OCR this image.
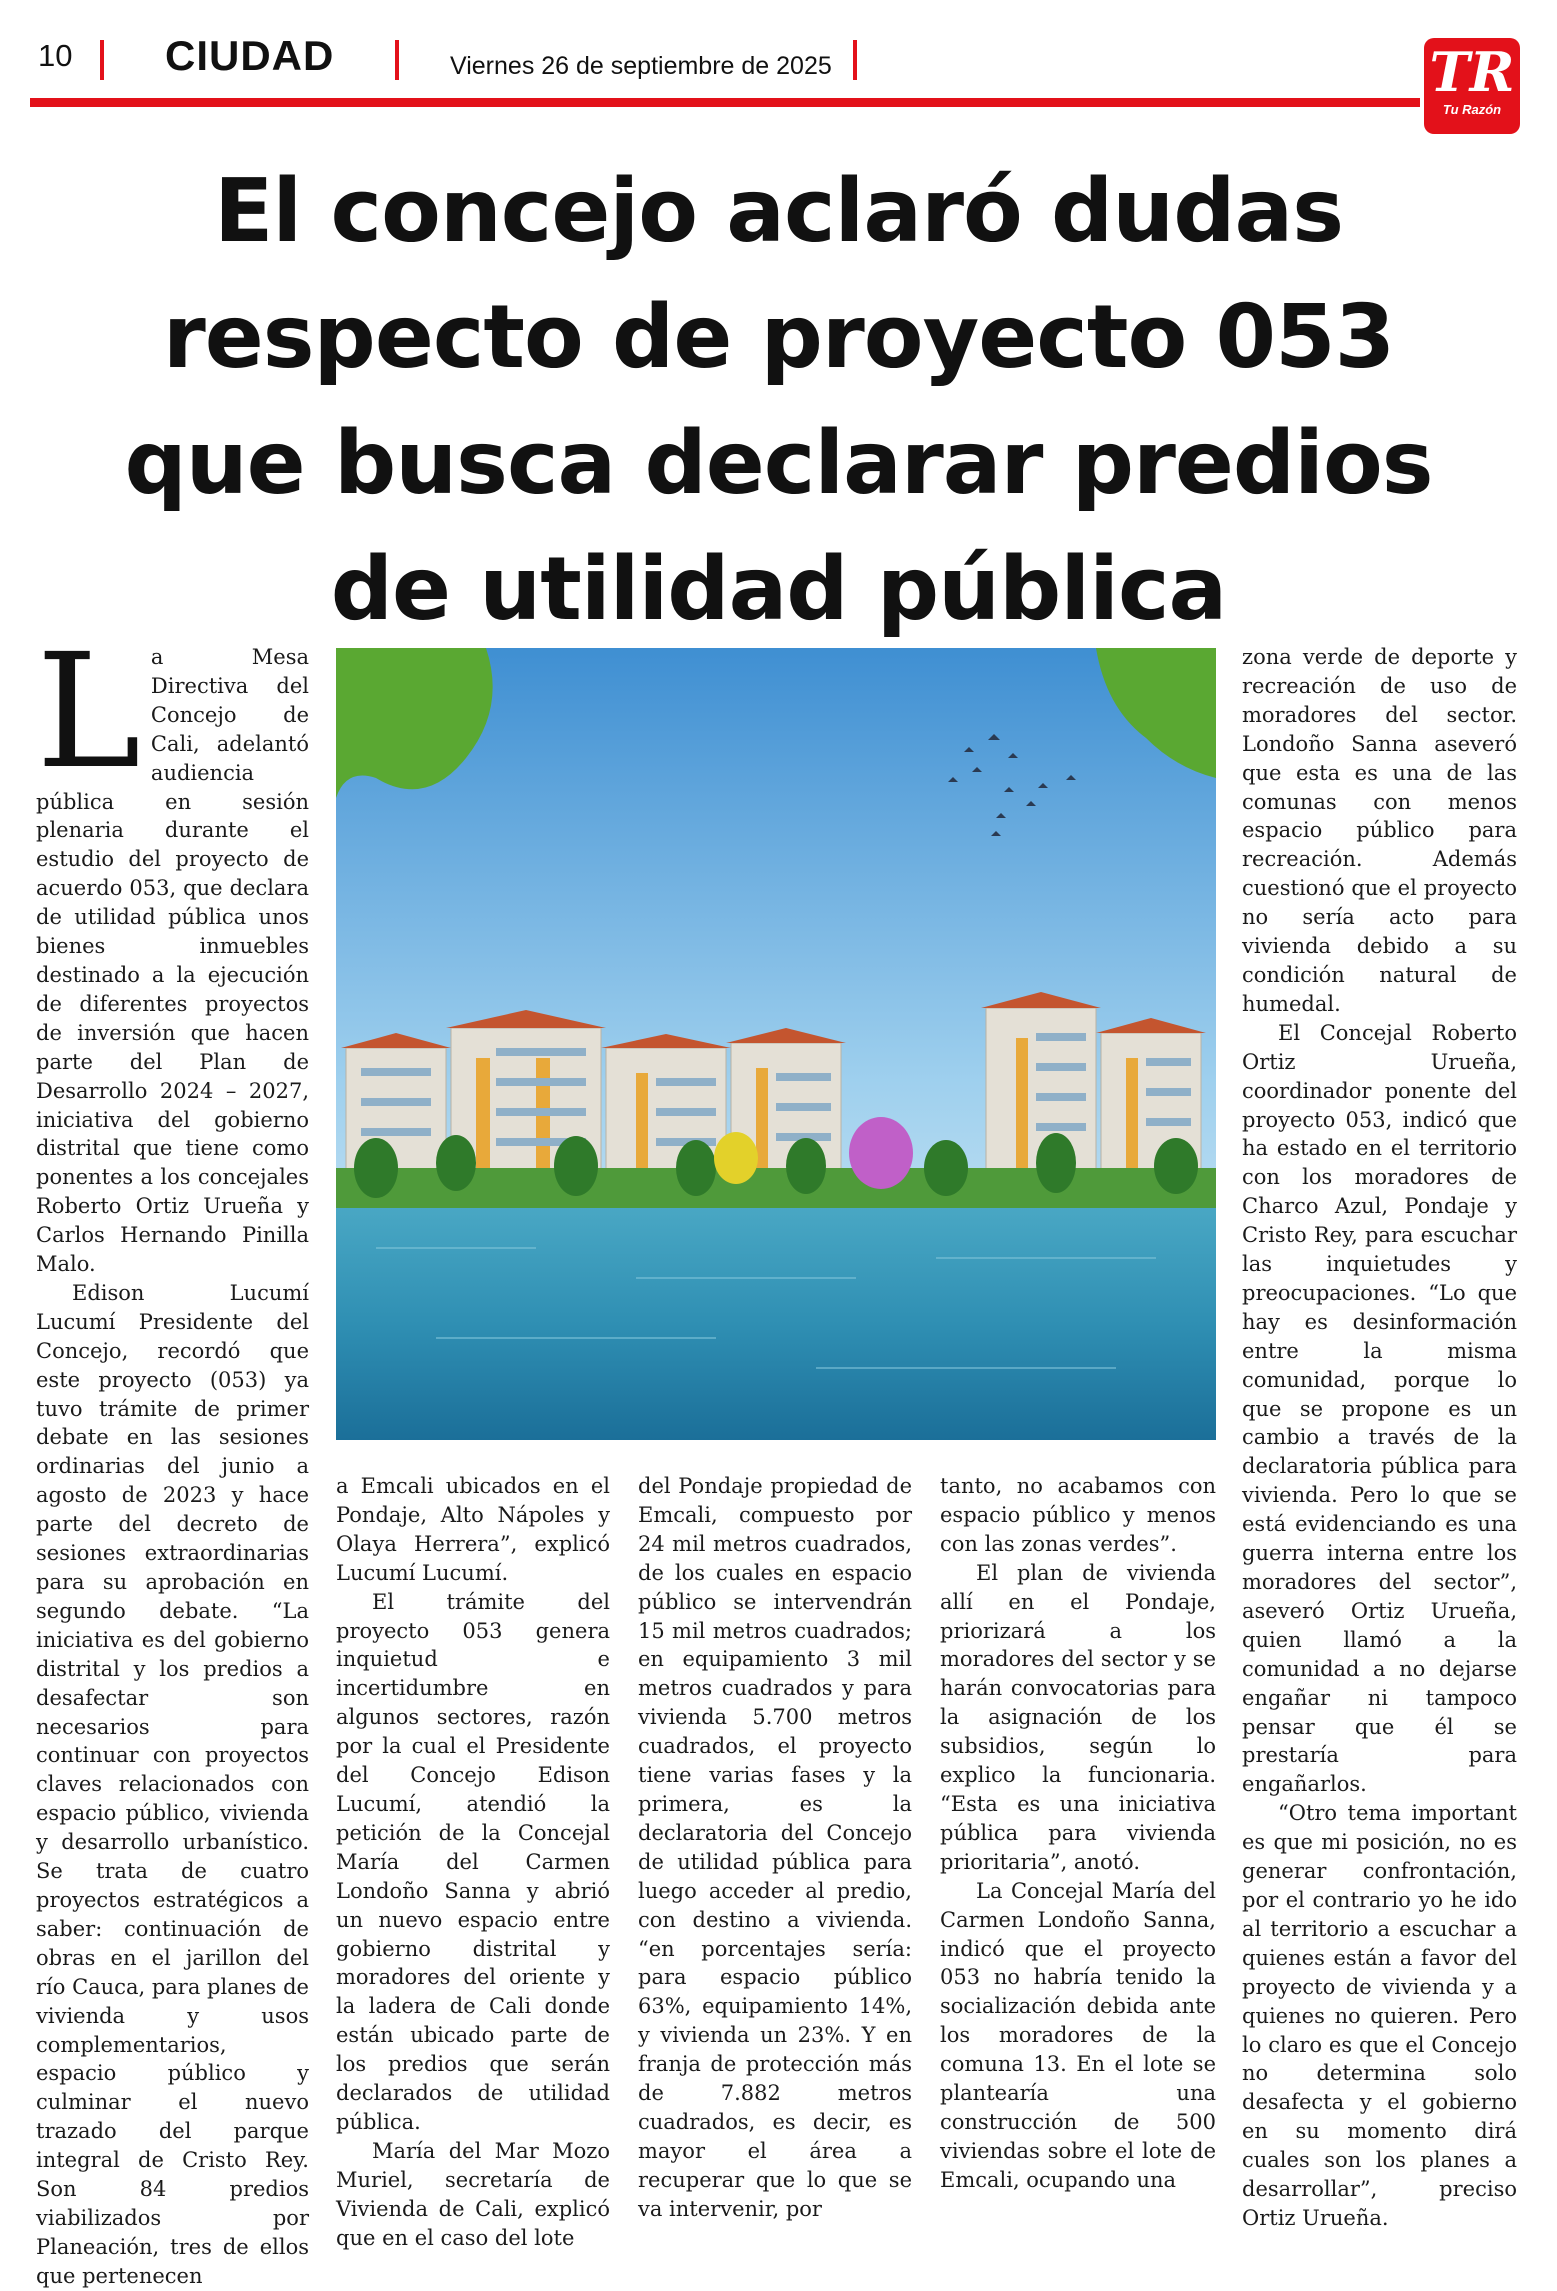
10 CIUDAD	Viernes 26 de septiembre de 2025	TR
Tu Razón
El concejo aclaró dudas respecto de proyecto 053 que busca declarar predios de utilidad pública

La Mesa Directiva del Concejo de Cali, adelantó audiencia pública en sesión plenaria durante el estudio del proyecto de acuerdo 053, que declara de utilidad pública unos bienes inmuebles destinado a la ejecución de diferentes proyectos de inversión que hacen parte del Plan de Desarrollo 2024 – 2027, iniciativa del gobierno distrital que tiene como ponentes a los concejales Roberto Ortiz Urueña y Carlos Hernando Pinilla Malo.

Edison Lucumí Lucumí Presidente del Concejo, recordó que este proyecto (053) ya tuvo trámite de primer debate en las sesiones ordinarias del junio a agosto de 2023 y hace parte del decreto de sesiones extraordinarias para su aprobación en segundo debate. “La iniciativa es del gobierno distrital y los predios a desafectar son necesarios para continuar con proyectos claves relacionados con espacio público, vivienda y desarrollo urbanístico. Se trata de cuatro proyectos estratégicos a saber: continuación de obras en el jarillon del río Cauca, para planes de vivienda y usos complementarios, espacio público y culminar el nuevo trazado del parque integral de Cristo Rey. Son 84 predios viabilizados por Planeación, tres de ellos que pertenecen

a Emcali ubicados en el Pondaje, Alto Nápoles y Olaya Herrera”, explicó Lucumí Lucumí.

El trámite del proyecto 053 genera inquietud e incertidumbre en algunos sectores, razón por la cual el Presidente del Concejo Edison Lucumí, atendió la petición de la Concejal María del Carmen Londoño Sanna y abrió un nuevo espacio entre gobierno distrital y moradores del oriente y la ladera de Cali donde están ubicado parte de los predios que serán declarados de utilidad pública.

María del Mar Mozo Muriel, secretaría de Vivienda de Cali, explicó que en el caso del lote

del Pondaje propiedad de Emcali, compuesto por 24 mil metros cuadrados, de los cuales en espacio público se intervendrán 15 mil metros cuadrados; en equipamiento 3 mil metros cuadrados y para vivienda 5.700 metros cuadrados, el proyecto tiene varias fases y la primera, es la declaratoria del Concejo de utilidad pública para luego acceder al predio, con destino a vivienda. “en porcentajes sería: para espacio público 63%, equipamiento 14%, y vivienda un 23%. Y en franja de protección más de 7.882 metros cuadrados, es decir, es mayor el área a recuperar que lo que se va intervenir, por

tanto, no acabamos con espacio público y menos con las zonas verdes”.

El plan de vivienda allí en el Pondaje, priorizará a los moradores del sector y se harán convocatorias para la asignación de los subsidios, según lo explico la funcionaria. “Esta es una iniciativa pública para vivienda prioritaria”, anotó.

La Concejal María del Carmen Londoño Sanna, indicó que el proyecto 053 no habría tenido la socialización debida ante los moradores de la comuna 13. En el lote se plantearía una construcción de 500 viviendas sobre el lote de Emcali, ocupando una

zona verde de deporte y recreación de uso de moradores del sector. Londoño Sanna aseveró que esta es una de las comunas con menos espacio público para recreación. Además cuestionó que el proyecto no sería acto para vivienda debido a su condición natural de humedal.

El Concejal Roberto Ortiz Urueña, coordinador ponente del proyecto 053, indicó que ha estado en el territorio con los moradores de Charco Azul, Pondaje y Cristo Rey, para escuchar las inquietudes y preocupaciones. “Lo que hay es desinformación entre la misma comunidad, porque lo que se propone es un cambio a través de la declaratoria pública para vivienda. Pero lo que se está evidenciando es una guerra interna entre los moradores del sector”, aseveró Ortiz Urueña, quien llamó a la comunidad a no dejarse engañar ni tampoco pensar que él se prestaría para engañarlos.

“Otro tema important es que mi posición, no es generar confrontación, por el contrario yo he ido al territorio a escuchar a quienes están a favor del proyecto de vivienda y a quienes no quieren. Pero lo claro es que el Concejo no determina solo desafecta y el gobierno en su momento dirá cuales son los planes a desarrollar”, preciso Ortiz Urueña.
